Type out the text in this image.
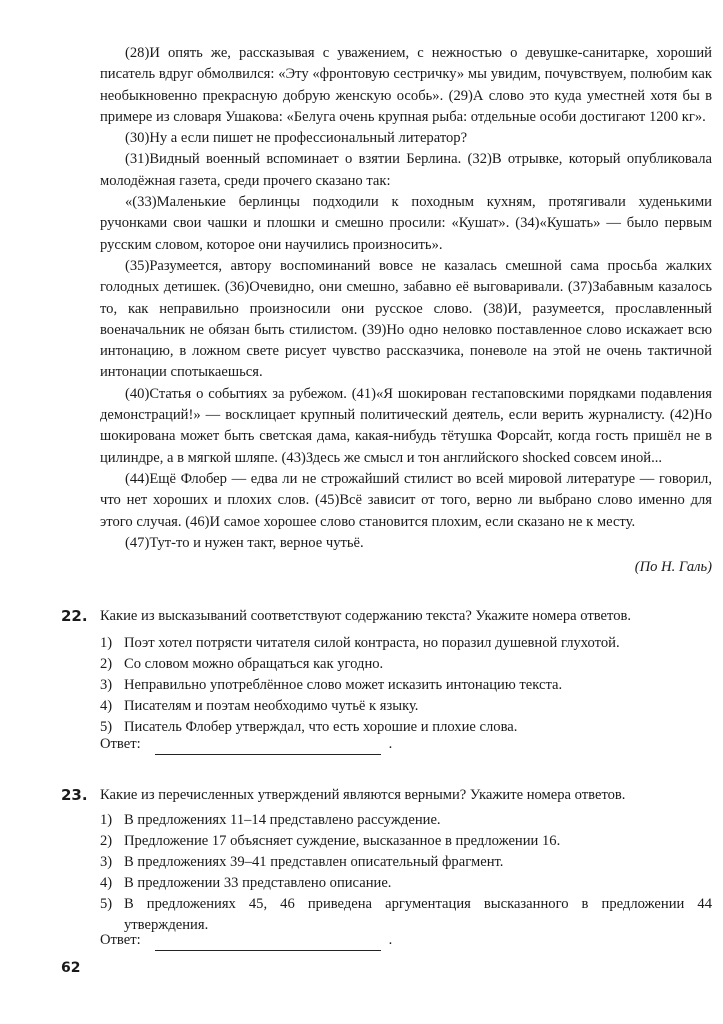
(28)И опять же, рассказывая с уважением, с нежностью о девушке-санитарке, хороший писатель вдруг обмолвился: «Эту «фронтовую сестричку» мы увидим, почувствуем, полюбим как необыкновенно прекрасную добрую женскую особь». (29)А слово это куда уместней хотя бы в примере из словаря Ушакова: «Белуга очень крупная рыба: отдельные особи достигают 1200 кг».

(30)Ну а если пишет не профессиональный литератор?

(31)Видный военный вспоминает о взятии Берлина. (32)В отрывке, который опубликовала молодёжная газета, среди прочего сказано так:

«(33)Маленькие берлинцы подходили к походным кухням, протягивали худенькими ручонками свои чашки и плошки и смешно просили: «Кушат». (34)«Кушать» — было первым русским словом, которое они научились произносить».

(35)Разумеется, автору воспоминаний вовсе не казалась смешной сама просьба жалких голодных детишек. (36)Очевидно, они смешно, забавно её выговаривали. (37)Забавным казалось то, как неправильно произносили они русское слово. (38)И, разумеется, прославленный военачальник не обязан быть стилистом. (39)Но одно неловко поставленное слово искажает всю интонацию, в ложном свете рисует чувство рассказчика, поневоле на этой не очень тактичной интонации спотыкаешься.

(40)Статья о событиях за рубежом. (41)«Я шокирован гестаповскими порядками подавления демонстраций!» — восклицает крупный политический деятель, если верить журналисту. (42)Но шокирована может быть светская дама, какая-нибудь тётушка Форсайт, когда гость пришёл не в цилиндре, а в мягкой шляпе. (43)Здесь же смысл и тон английского shocked совсем иной...

(44)Ещё Флобер — едва ли не строжайший стилист во всей мировой литературе — говорил, что нет хороших и плохих слов. (45)Всё зависит от того, верно ли выбрано слово именно для этого случая. (46)И самое хорошее слово становится плохим, если сказано не к месту.

(47)Тут-то и нужен такт, верное чутьё.

(По Н. Галь)

22. Какие из высказываний соответствуют содержанию текста? Укажите номера ответов.
1) Поэт хотел потрясти читателя силой контраста, но поразил душевной глухотой.
2) Со словом можно обращаться как угодно.
3) Неправильно употреблённое слово может исказить интонацию текста.
4) Писателям и поэтам необходимо чутьё к языку.
5) Писатель Флобер утверждал, что есть хорошие и плохие слова.
Ответ:	.
23. Какие из перечисленных утверждений являются верными? Укажите номера ответов.
1) В предложениях 11–14 представлено рассуждение.
2) Предложение 17 объясняет суждение, высказанное в предложении 16.
3) В предложениях 39–41 представлен описательный фрагмент.
4) В предложении 33 представлено описание.
5) В предложениях 45, 46 приведена аргументация высказанного в предложении 44 утверждения.
Ответ:	.
62
